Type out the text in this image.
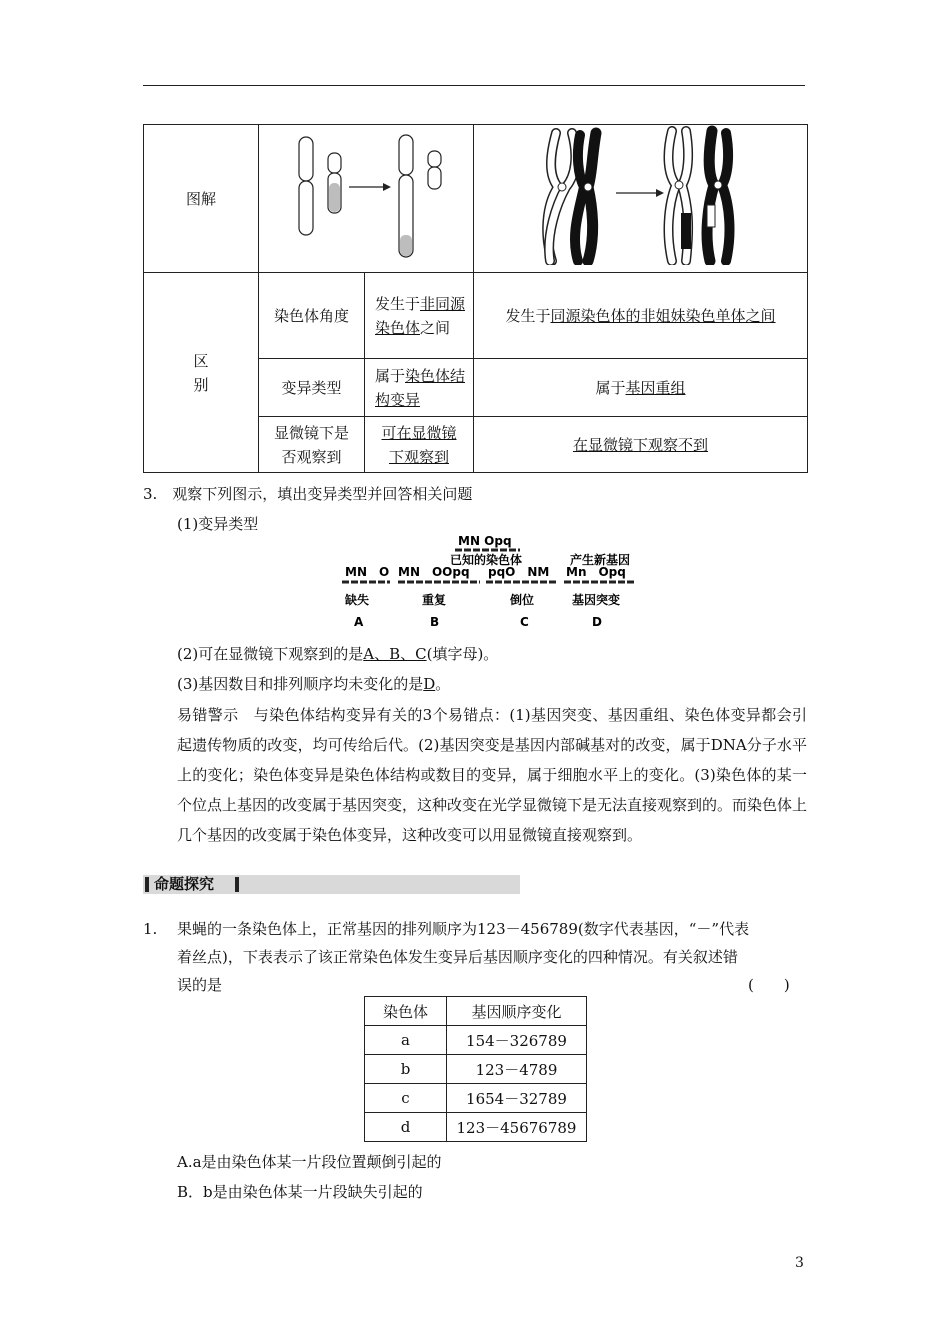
图解		

区
别	染色体角度	发生于非同源染色体之间	发生于同源染色体的非姐妹染色单体之间
	变异类型	属于染色体结构变异	属于基因重组
	显微镜下是否观察到	可在显微镜下观察到	在显微镜下观察不到
3.　观察下列图示，填出变异类型并回答相关问题
(1)变异类型
MN Opq
已知的染色体	产生新基因
MN　O
缺失
A
MN　OOpq
重复
B
pqO　NM
倒位
C
Mn　Opq
基因突变
D
(2)可在显微镜下观察到的是A、B、C(填字母)。
(3)基因数目和排列顺序均未变化的是D。
易错警示　与染色体结构变异有关的3个易错点：(1)基因突变、基因重组、染色体变异都会引起遗传物质的改变，均可传给后代。(2)基因突变是基因内部碱基对的改变，属于DNA分子水平上的变化；染色体变异是染色体结构或数目的变异，属于细胞水平上的变化。(3)染色体的某一个位点上基因的改变属于基因突变，这种改变在光学显微镜下是无法直接观察到的。而染色体上几个基因的改变属于染色体变异，这种改变可以用显微镜直接观察到。
命题探究
1. 果蝇的一条染色体上，正常基因的排列顺序为123－456789(数字代表基因，“－”代表
着丝点)，下表表示了该正常染色体发生变异后基因顺序变化的四种情况。有关叙述错
误的是	(　　)
染色体	基因顺序变化
a	154－326789
b	123－4789
c	1654－32789
d	123－45676789
A.a是由染色体某一片段位置颠倒引起的
B．b是由染色体某一片段缺失引起的
3
